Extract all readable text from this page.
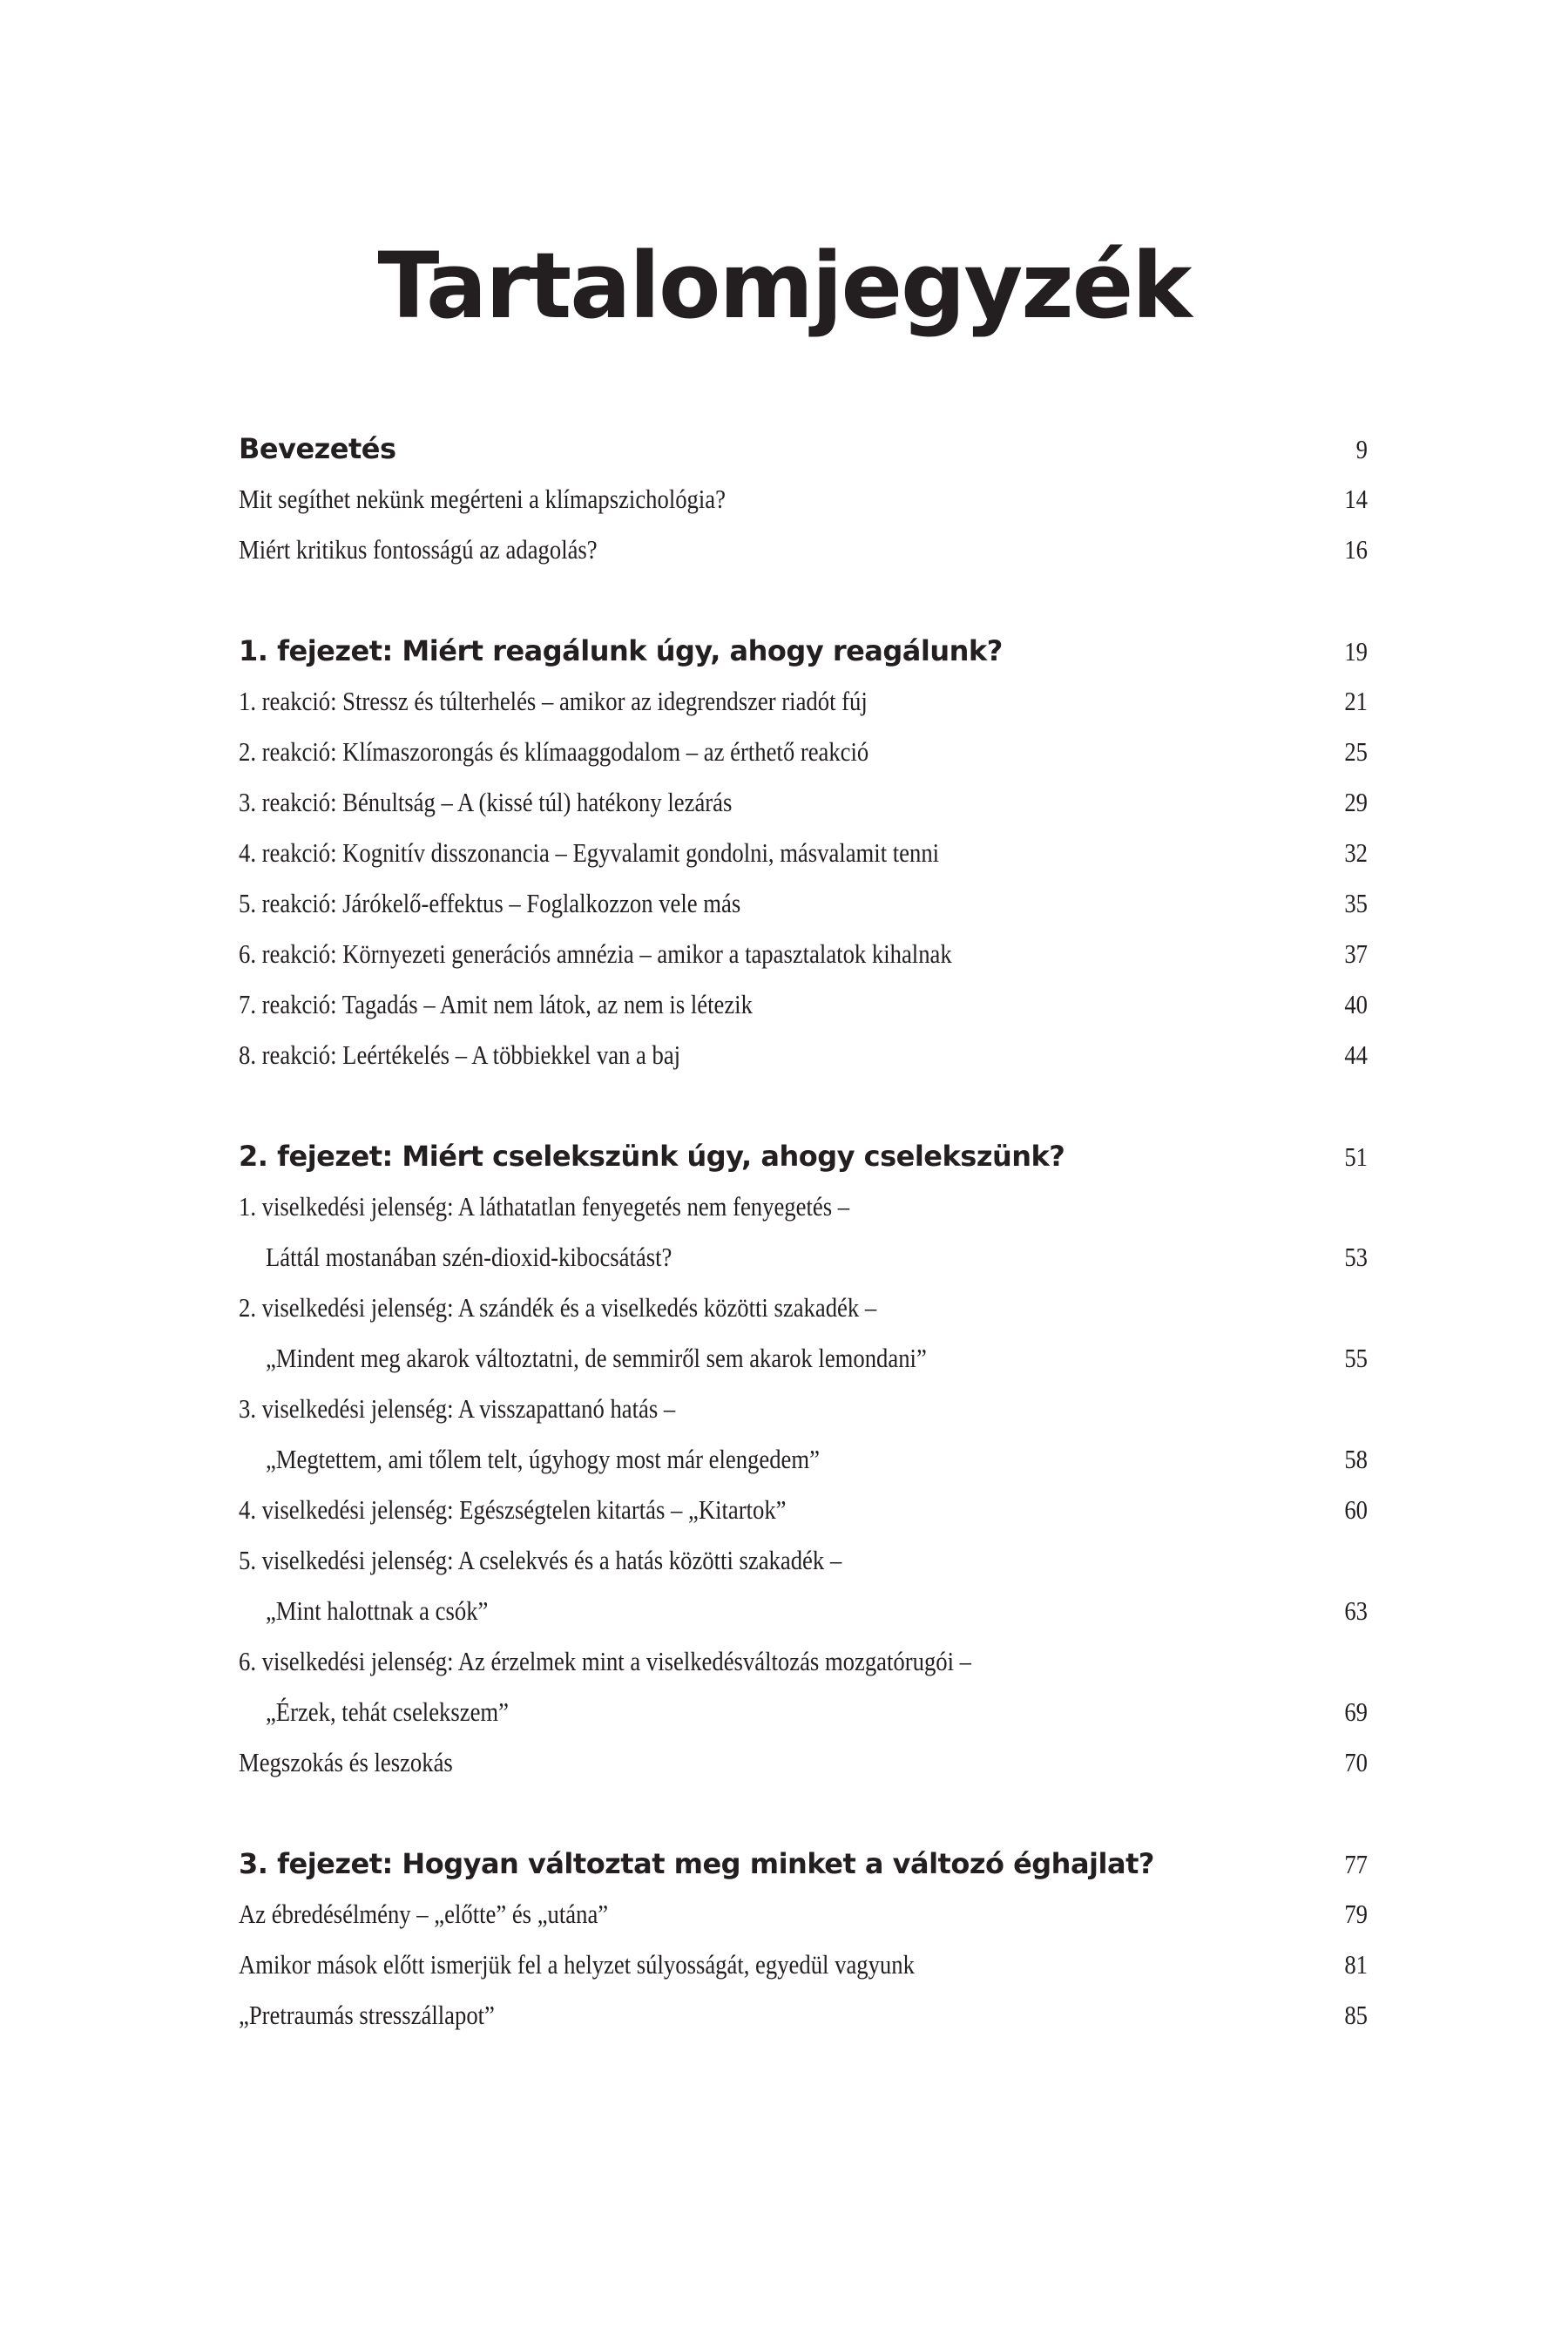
Tartalomjegyzék
Bevezetés	9
Mit segíthet nekünk megérteni a klímapszichológia?	14
Miért kritikus fontosságú az adagolás?	16
1. fejezet: Miért reagálunk úgy, ahogy reagálunk?	19
1. reakció: Stressz és túlterhelés – amikor az idegrendszer riadót fúj	21
2. reakció: Klímaszorongás és klímaaggodalom – az érthető reakció	25
3. reakció: Bénultság – A (kissé túl) hatékony lezárás	29
4. reakció: Kognitív disszonancia – Egyvalamit gondolni, másvalamit tenni	32
5. reakció: Járókelő-effektus – Foglalkozzon vele más	35
6. reakció: Környezeti generációs amnézia – amikor a tapasztalatok kihalnak	37
7. reakció: Tagadás – Amit nem látok, az nem is létezik	40
8. reakció: Leértékelés – A többiekkel van a baj	44
2. fejezet: Miért cselekszünk úgy, ahogy cselekszünk?	51
1. viselkedési jelenség: A láthatatlan fenyegetés nem fenyegetés –
Láttál mostanában szén-dioxid-kibocsátást?	53
2. viselkedési jelenség: A szándék és a viselkedés közötti szakadék –
„Mindent meg akarok változtatni, de semmiről sem akarok lemondani”	55
3. viselkedési jelenség: A visszapattanó hatás –
„Megtettem, ami tőlem telt, úgyhogy most már elengedem”	58
4. viselkedési jelenség: Egészségtelen kitartás – „Kitartok”	60
5. viselkedési jelenség: A cselekvés és a hatás közötti szakadék –
„Mint halottnak a csók”	63
6. viselkedési jelenség: Az érzelmek mint a viselkedésváltozás mozgatórugói –
„Érzek, tehát cselekszem”	69
Megszokás és leszokás	70
3. fejezet: Hogyan változtat meg minket a változó éghajlat?	77
Az ébredésélmény – „előtte” és „utána”	79
Amikor mások előtt ismerjük fel a helyzet súlyosságát, egyedül vagyunk	81
„Pretraumás stresszállapot”	85
